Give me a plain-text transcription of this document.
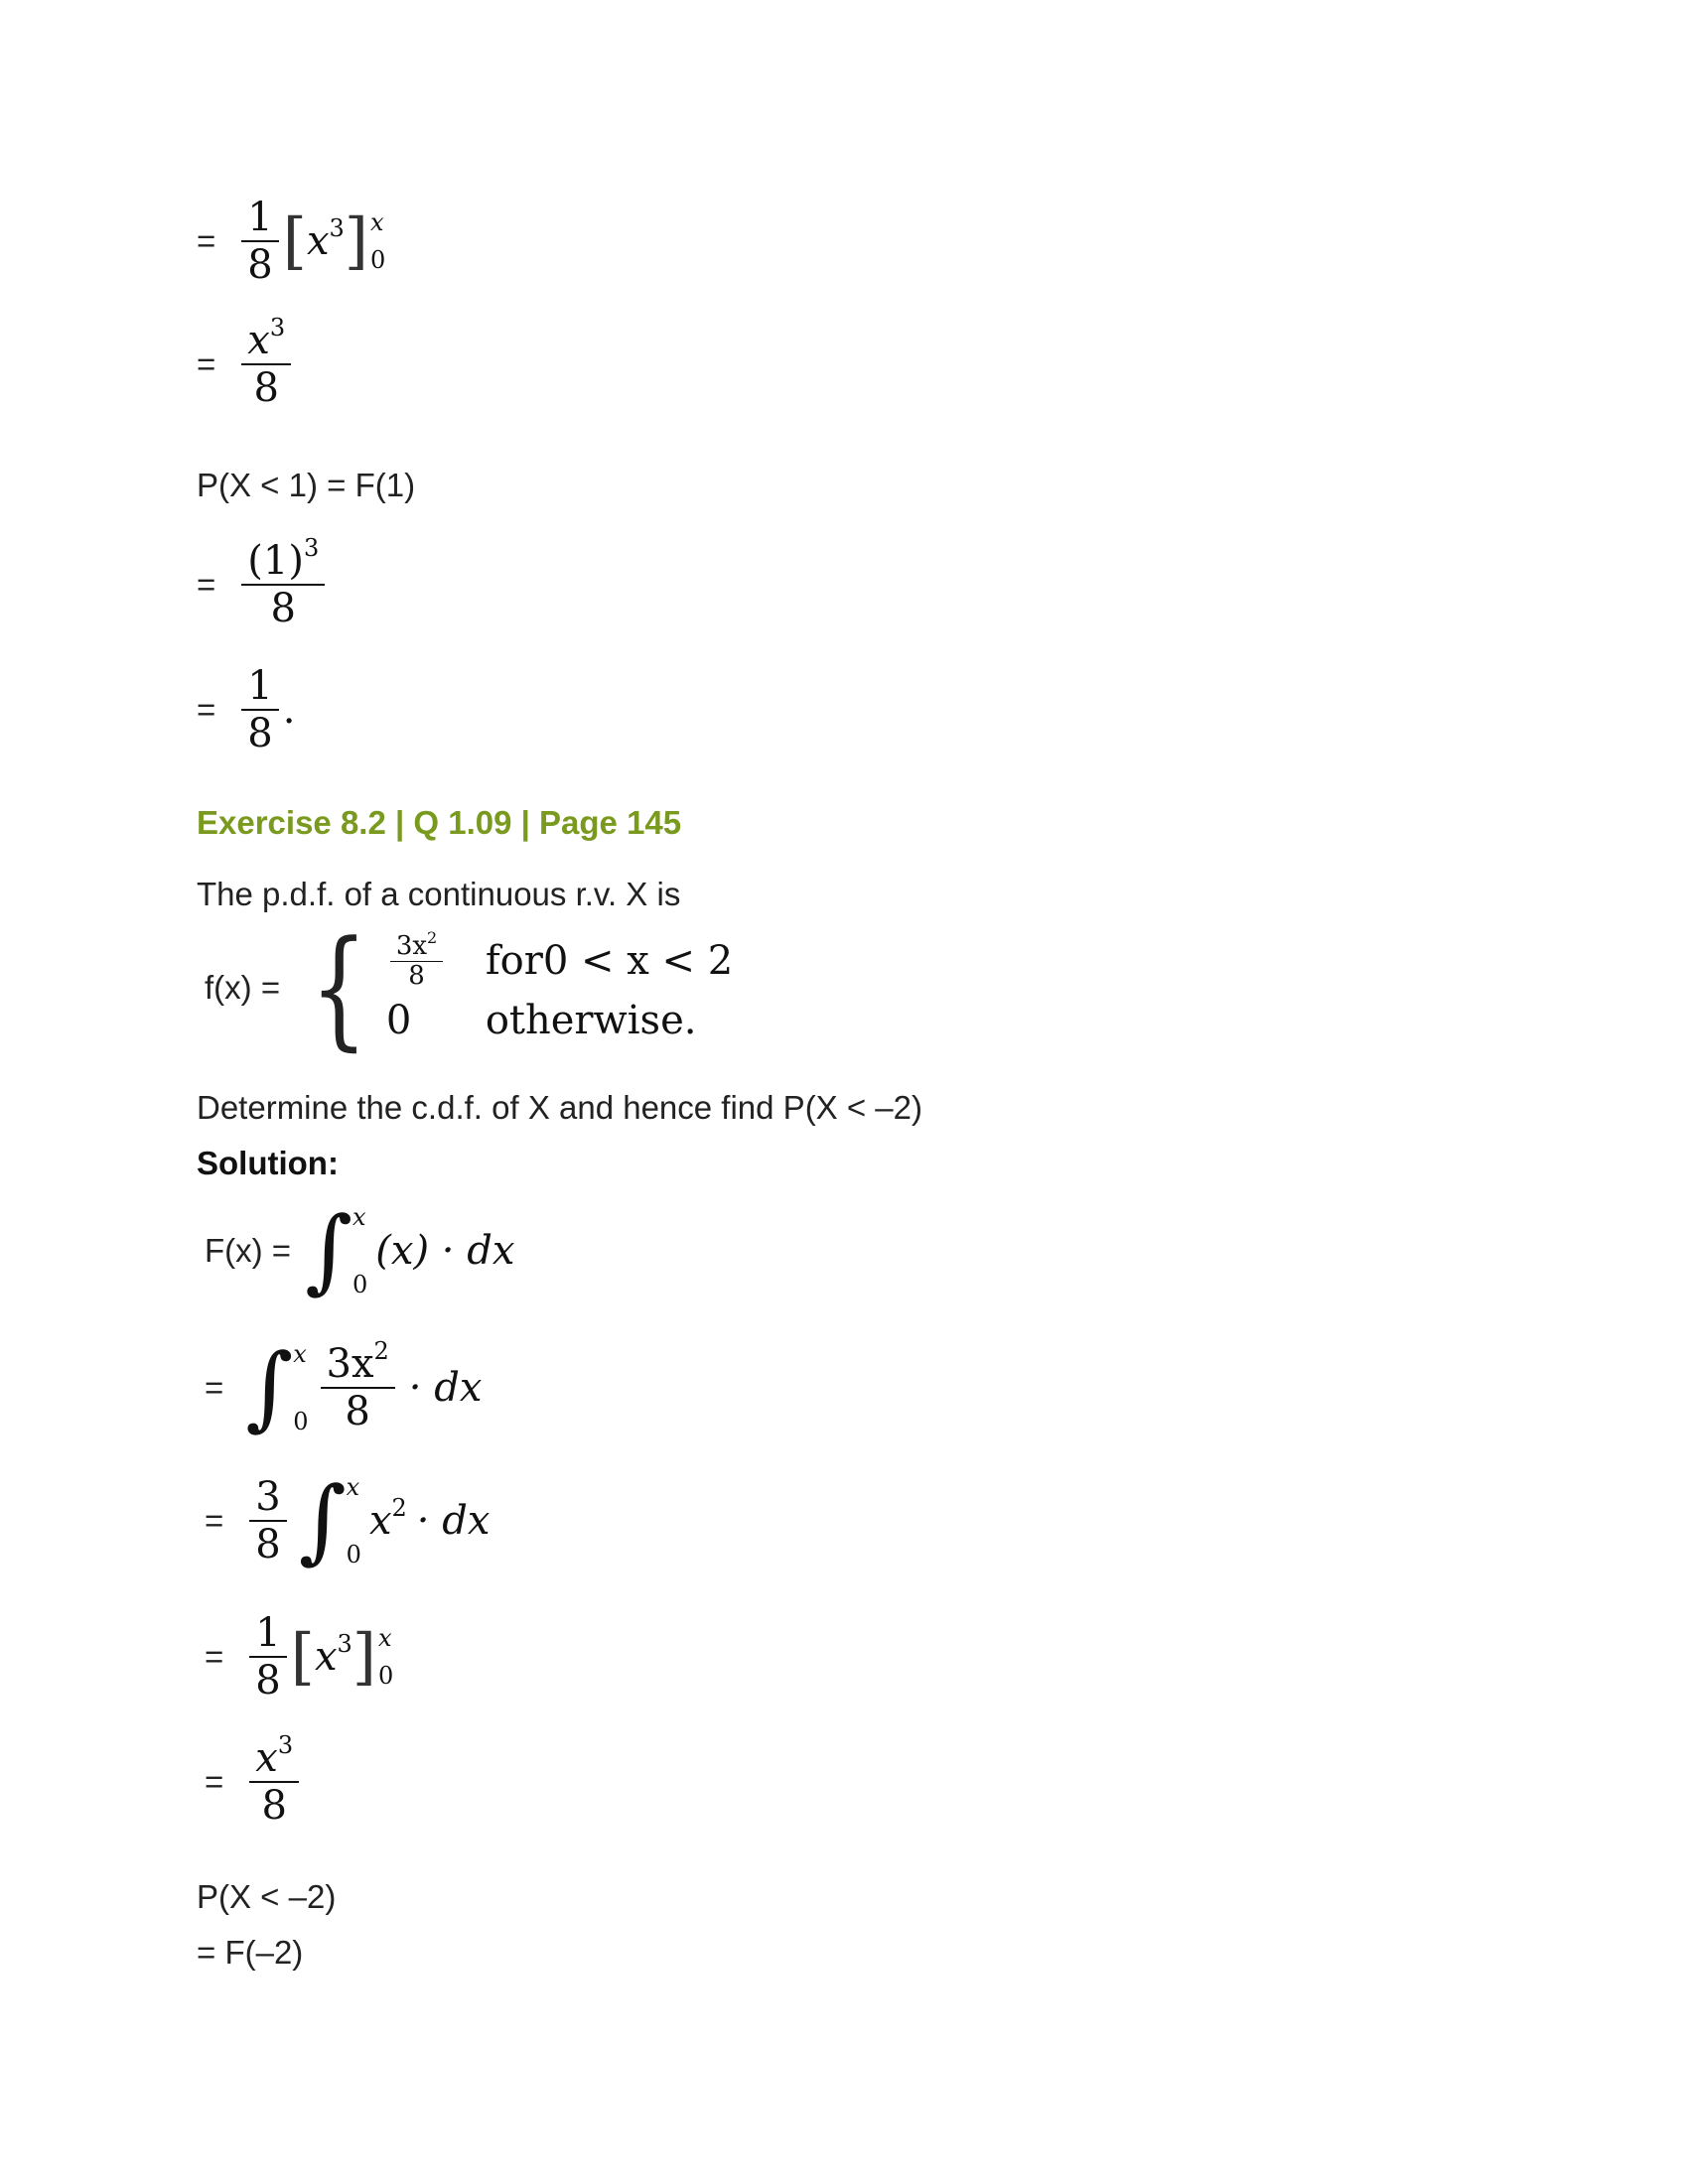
= $\frac{1}{8}$ [ $x^3$ ] x
0
= $\frac{x^3}{8}$
P(X < 1) = F(1)
= $\frac{(1)^3}{8}$
= $\frac{1}{8}$ .
Exercise 8.2 | Q 1.09 | Page 145
The p.d.f. of a continuous r.v. X is
f(x) = { $\frac{3x^2}{8} for0 < x < 2$
0	otherwise.
Determine the c.d.f. of X and hence find P(X < –2)
Solution:
F(x) = ∫ x
0
(x) · dx
= ∫ x
$0 \frac{3x^2}{8}$ · dx
= $\frac{3}{8}$ ∫ x
0
$x^2$ · dx
= $\frac{1}{8}$ [ $x^3$ ] x
0
= $\frac{x^3}{8}$
P(X < –2)
= F(–2)
